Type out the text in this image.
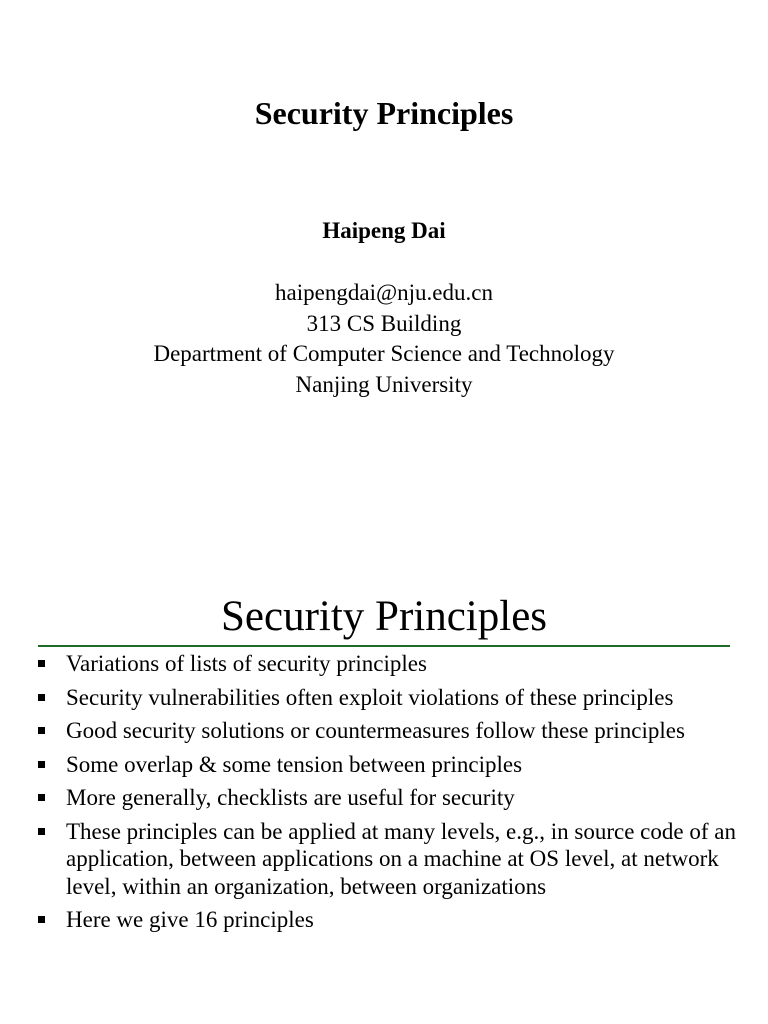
Security Principles
Haipeng Dai
haipengdai@nju.edu.cn
313 CS Building
Department of Computer Science and Technology
Nanjing University
Security Principles
Variations of lists of security principles
Security vulnerabilities often exploit violations of these principles
Good security solutions or countermeasures follow these principles
Some overlap & some tension between principles
More generally, checklists are useful for security
These principles can be applied at many levels, e.g., in source code of an application, between applications on a machine at OS level, at network level, within an organization, between organizations
Here we give 16 principles
